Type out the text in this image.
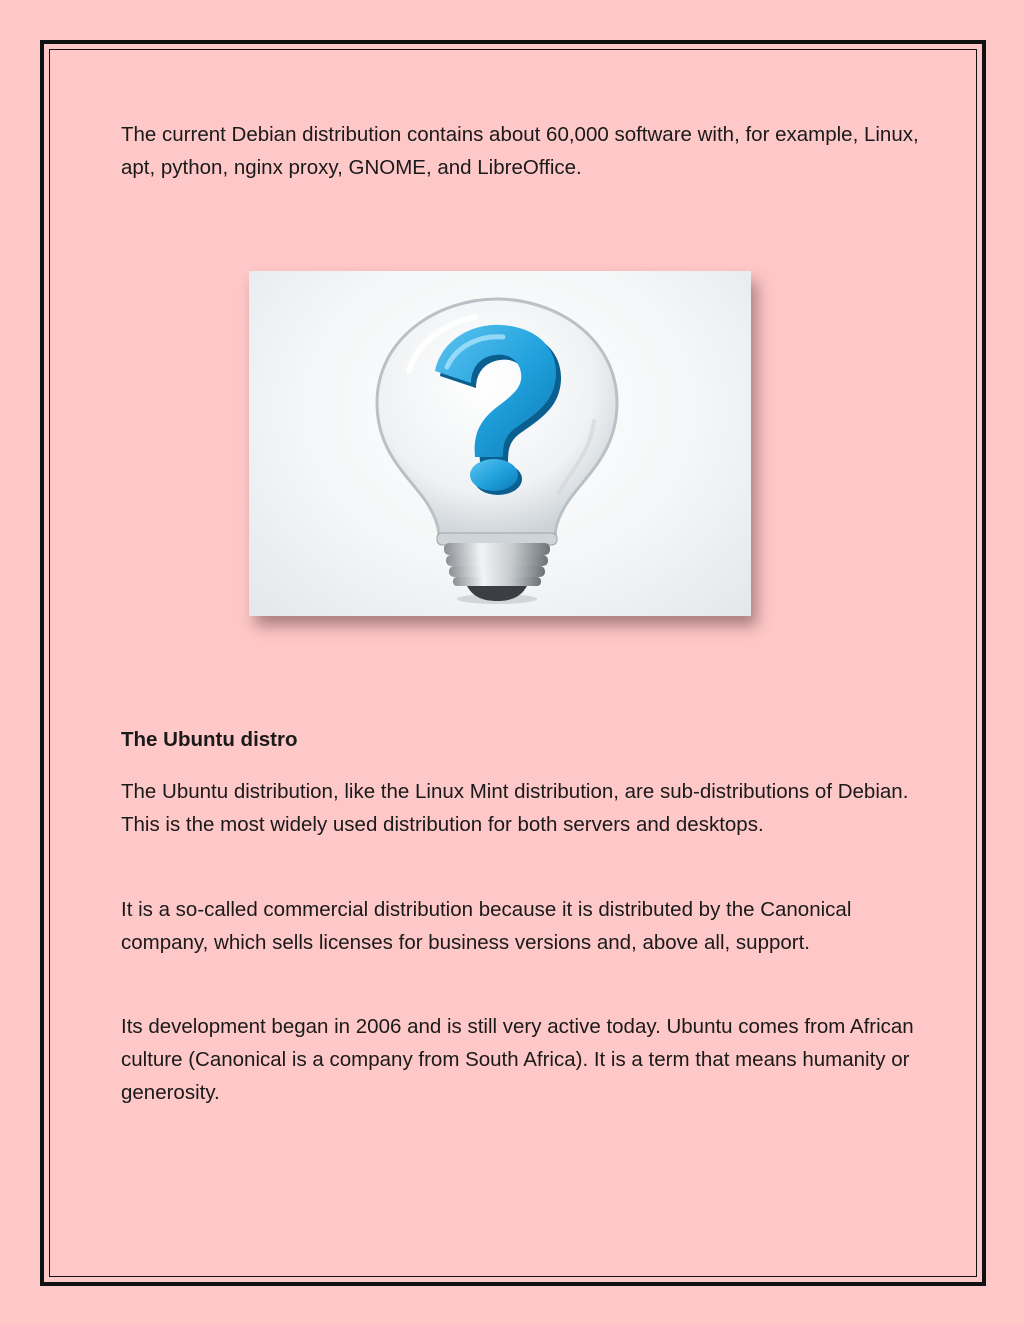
The current Debian distribution contains about 60,000 software with, for example, Linux, apt, python, nginx proxy, GNOME, and LibreOffice.

The Ubuntu distro

The Ubuntu distribution, like the Linux Mint distribution, are sub-distributions of Debian. This is the most widely used distribution for both servers and desktops.

It is a so-called commercial distribution because it is distributed by the Canonical company, which sells licenses for business versions and, above all, support.

Its development began in 2006 and is still very active today. Ubuntu comes from African culture (Canonical is a company from South Africa). It is a term that means humanity or generosity.
